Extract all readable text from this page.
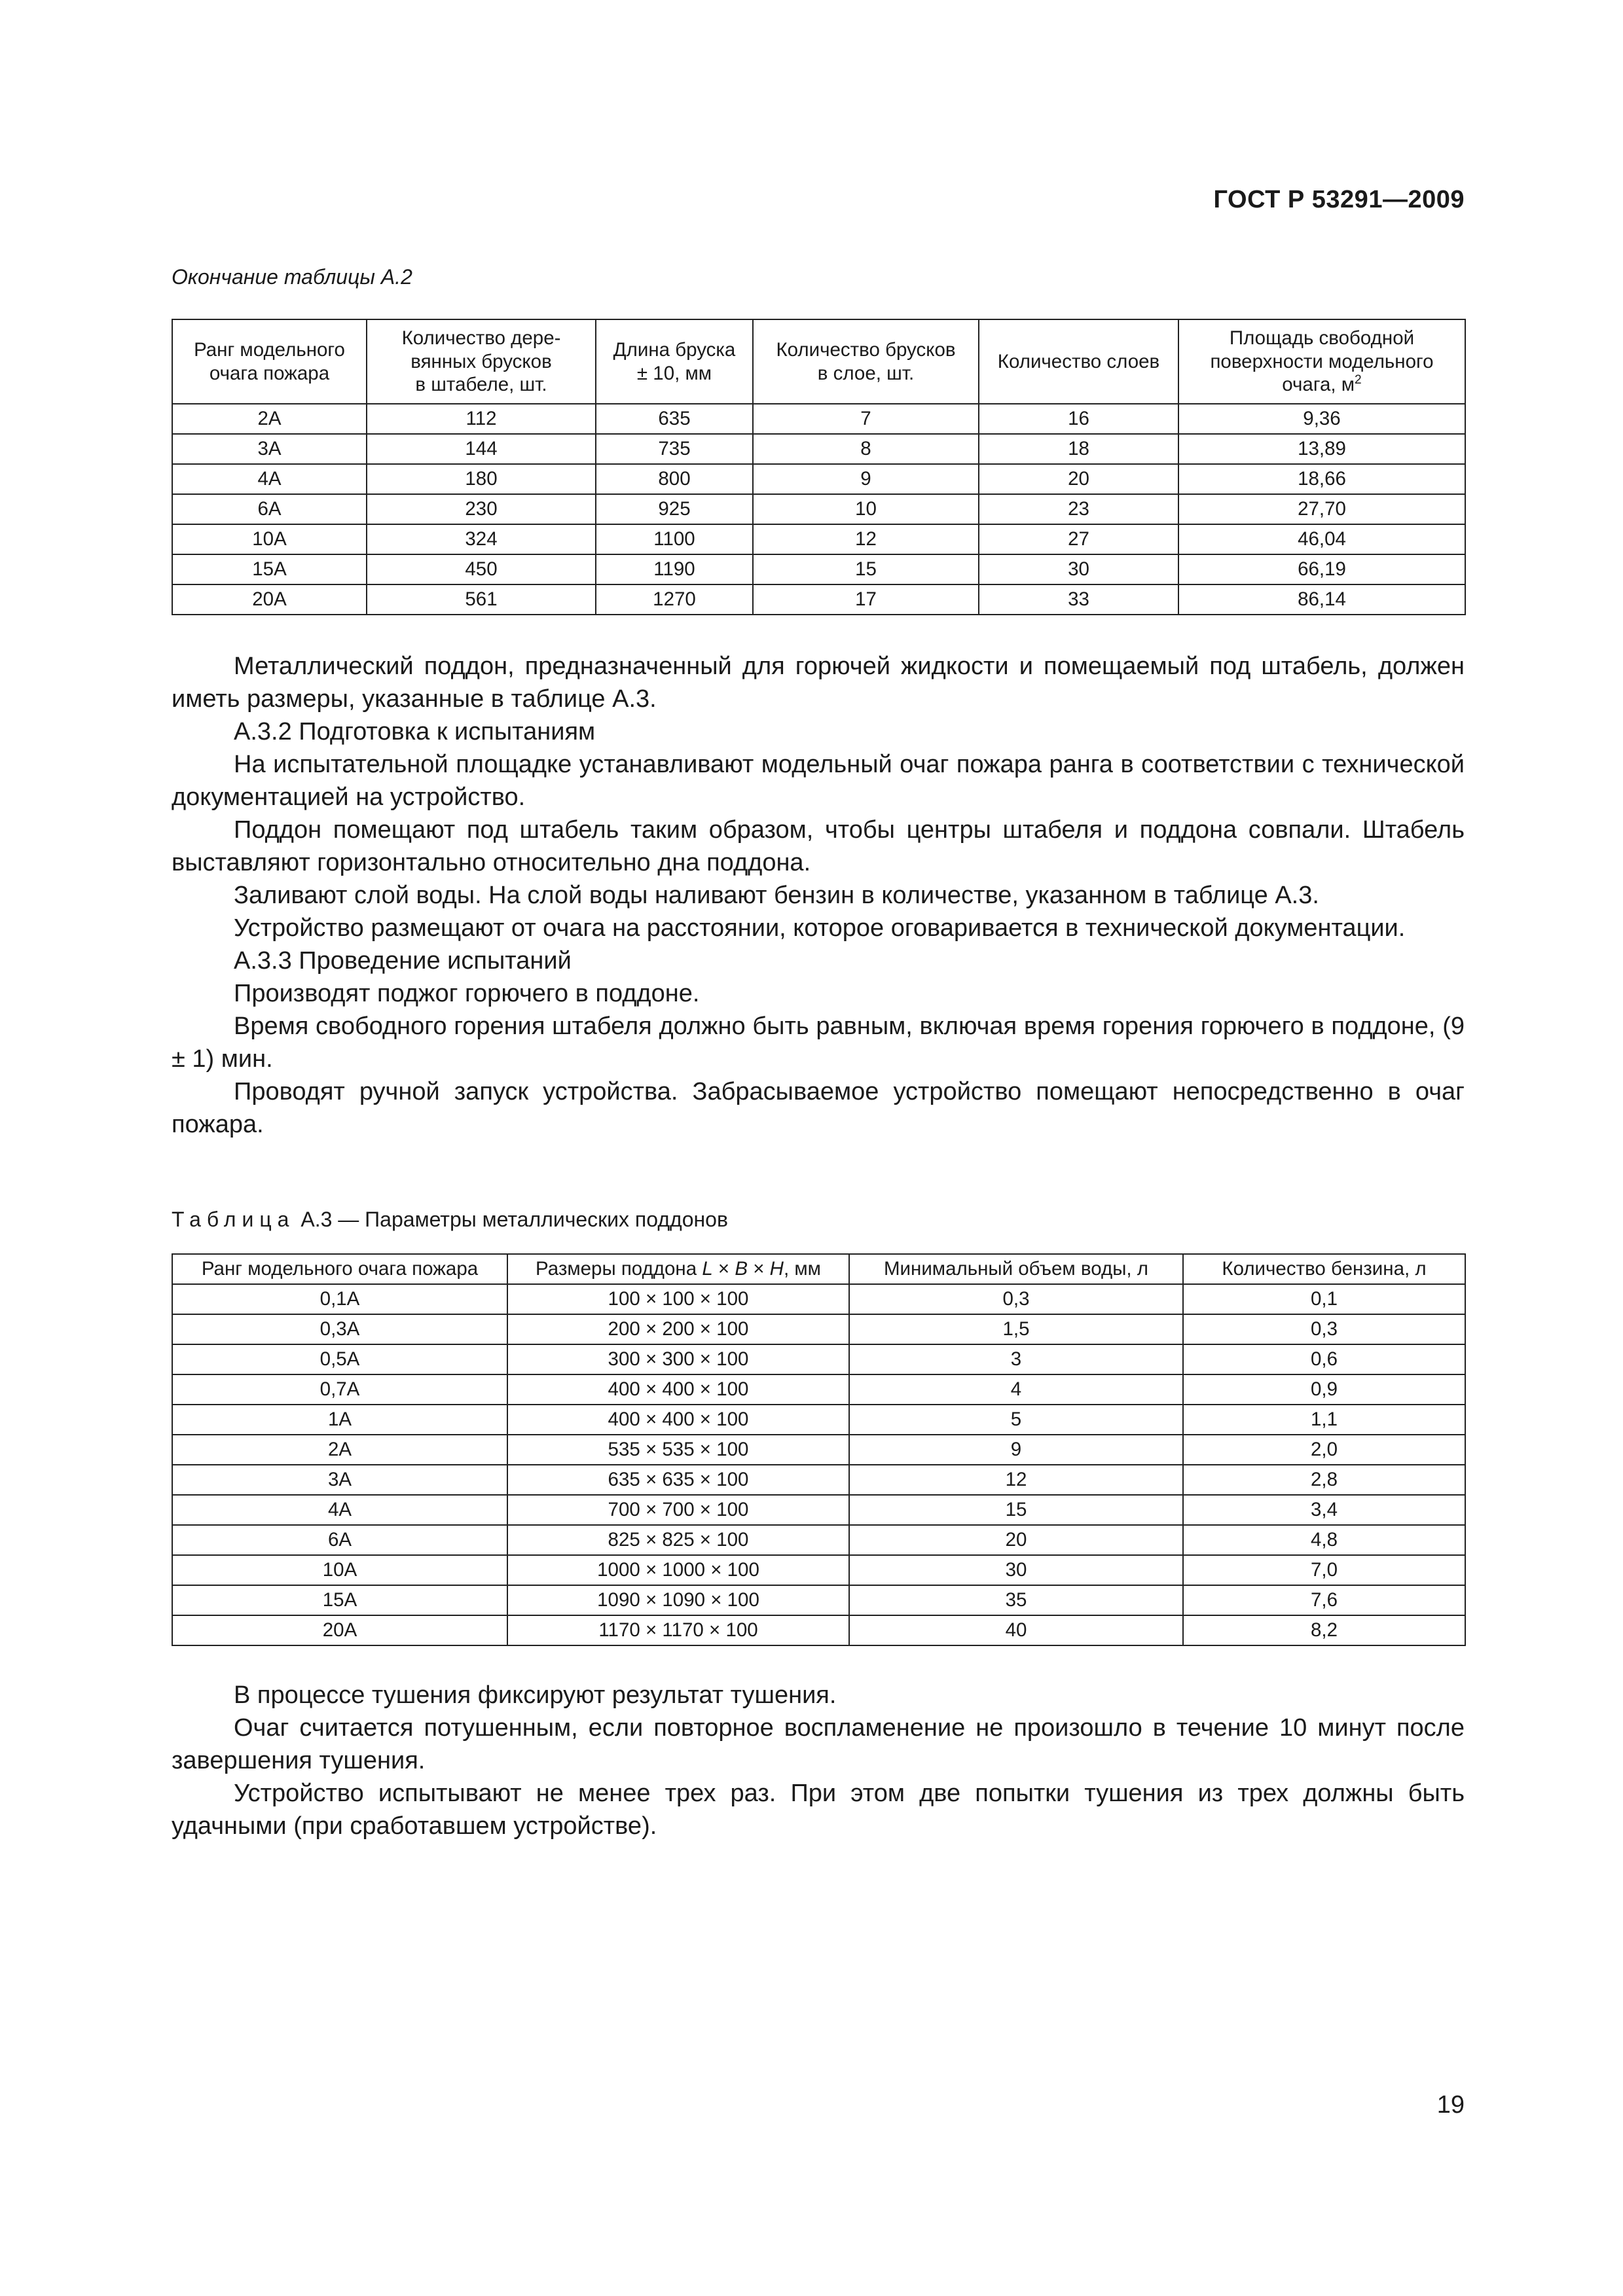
ГОСТ Р 53291—2009
Окончание таблицы А.2
Ранг модельного
очага пожара	Количество дере-
вянных брусков
в штабеле, шт.	Длина бруска
± 10, мм	Количество брусков
в слое, шт.	Количество слоев	Площадь свободной
поверхности модельного
очага, $м^2$
2А	112	635	7	16	9,36
3А	144	735	8	18	13,89
4А	180	800	9	20	18,66
6А	230	925	10	23	27,70
10А	324	1100	12	27	46,04
15А	450	1190	15	30	66,19
20А	561	1270	17	33	86,14

Металлический поддон, предназначенный для горючей жидкости и помещаемый под штабель, должен иметь размеры, указанные в таблице А.3.

А.3.2 Подготовка к испытаниям

На испытательной площадке устанавливают модельный очаг пожара ранга в соответствии с технической документацией на устройство.

Поддон помещают под штабель таким образом, чтобы центры штабеля и поддона совпали. Штабель выставляют горизонтально относительно дна поддона.

Заливают слой воды. На слой воды наливают бензин в количестве, указанном в таблице А.3.

Устройство размещают от очага на расстоянии, которое оговаривается в технической документации.

А.3.3 Проведение испытаний

Производят поджог горючего в поддоне.

Время свободного горения штабеля должно быть равным, включая время горения горючего в поддоне, (9 ± 1) мин.

Проводят ручной запуск устройства. Забрасываемое устройство помещают непосредственно в очаг пожара.

Таблица А.3 — Параметры металлических поддонов
Ранг модельного очага пожара	Размеры поддона L × B × H, мм	Минимальный объем воды, л	Количество бензина, л
0,1А	100 × 100 × 100	0,3	0,1
0,3А	200 × 200 × 100	1,5	0,3
0,5А	300 × 300 × 100	3	0,6
0,7А	400 × 400 × 100	4	0,9
1А	400 × 400 × 100	5	1,1
2А	535 × 535 × 100	9	2,0
3А	635 × 635 × 100	12	2,8
4А	700 × 700 × 100	15	3,4
6А	825 × 825 × 100	20	4,8
10А	1000 × 1000 × 100	30	7,0
15А	1090 × 1090 × 100	35	7,6
20А	1170 × 1170 × 100	40	8,2

В процессе тушения фиксируют результат тушения.

Очаг считается потушенным, если повторное воспламенение не произошло в течение 10 минут после завершения тушения.

Устройство испытывают не менее трех раз. При этом две попытки тушения из трех должны быть удачными (при сработавшем устройстве).

19
